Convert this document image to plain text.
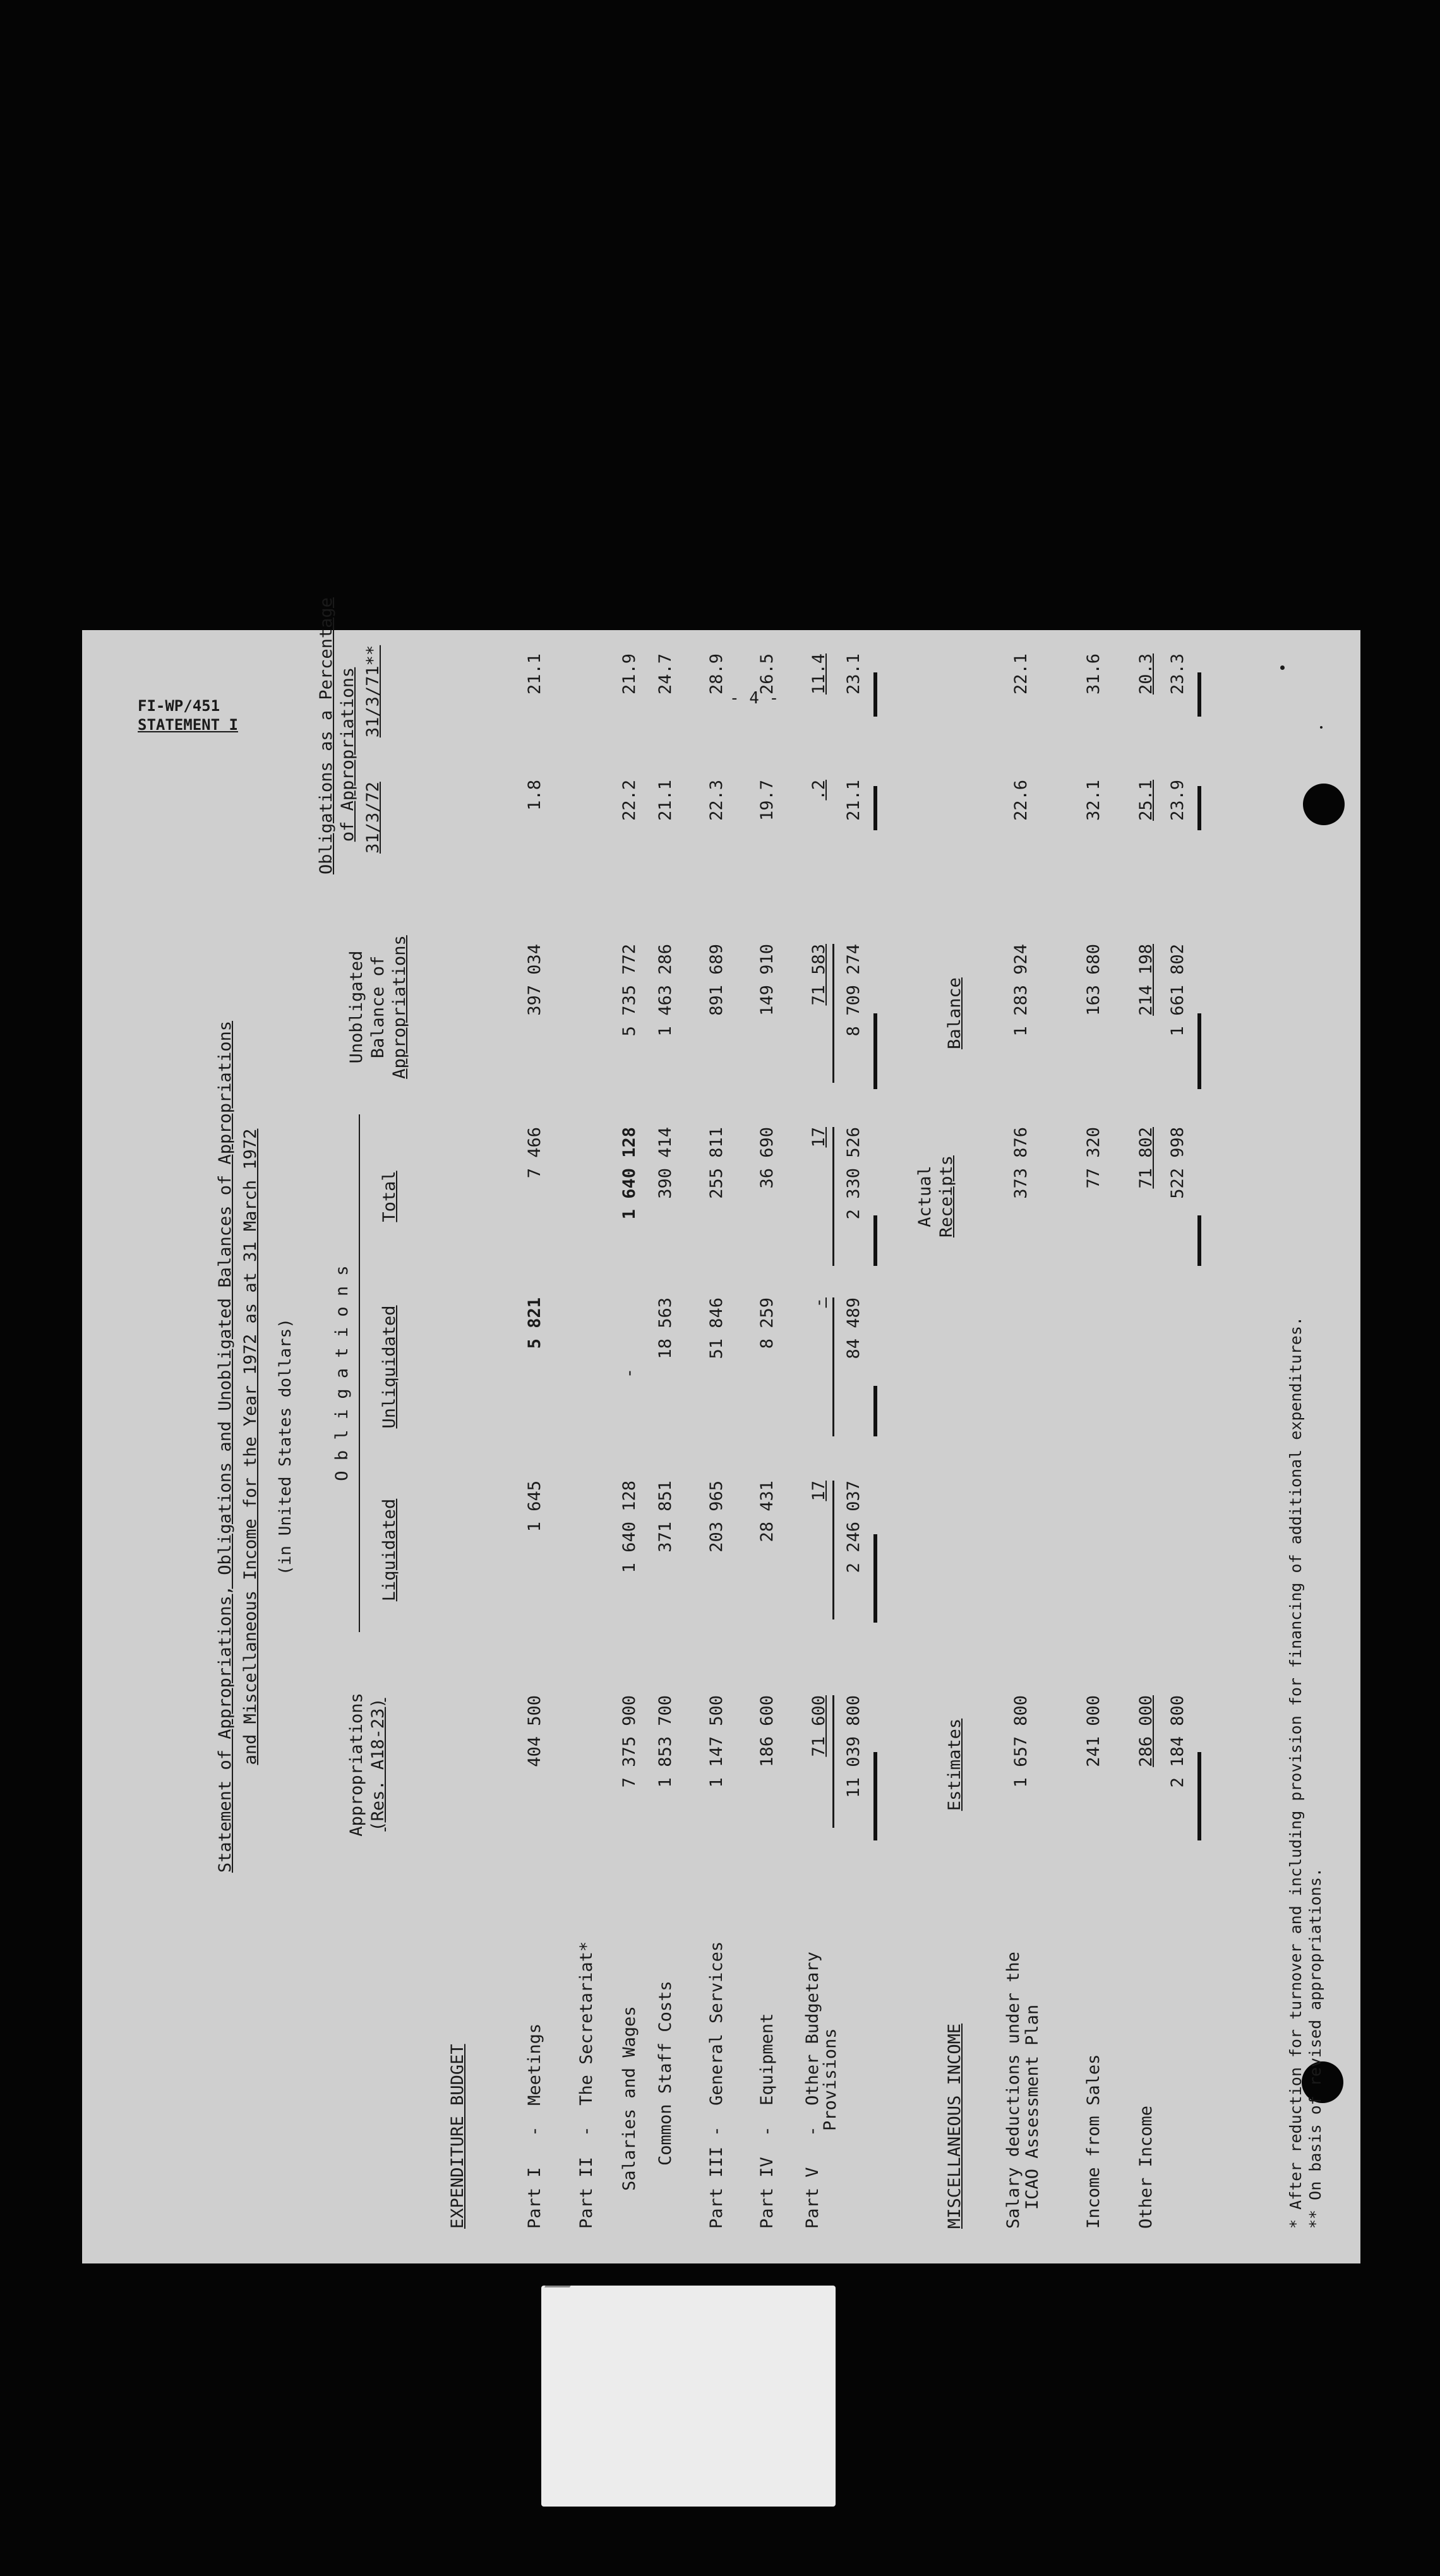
FI-WP/451
STATEMENT I
- 4 -
Statement of Appropriations, Obligations and Unobligated Balances of Appropriations and Miscellaneous Income for the Year 1972 as at 31 March 1972 (in United States dollars)
Appropriations (Res. A18-23)
O b l i g a t i o n s
Liquidated
Unliquidated
Total
Unobligated Balance of Appropriations
Obligations as a Percentage of Appropriations 31/3/72
31/3/71**
EXPENDITURE BUDGET	Part I   -  Meetings
404 500
1 645
5 821
7 466
397 034
1.8
21.1
Part II  -  The Secretariat* Salaries and Wages
7 375 900
1 640 128
-
1 640 128
5 735 772
22.2
21.9
Common Staff Costs
1 853 700
371 851
18 563
390 414
1 463 286
21.1
24.7
Part III -  General Services
1 147 500
203 965
51 846
255 811
891 689
22.3
28.9
Part IV  -  Equipment
186 600
28 431
8 259
36 690
149 910
19.7
26.5
Part V   -  Other Budgetary
Provisions
71 600
17
-
17
71 583
.2
11.4
11 039 800
2 246 037
84 489
2 330 526
8 709 274
21.1
23.1
MISCELLANEOUS INCOME
Estimates
Actual Receipts
Balance
Salary deductions under the ICAO Assessment Plan
1 657 800
373 876
1 283 924
22.6
22.1
Income from Sales
241 000
77 320
163 680
32.1
31.6
Other Income
286 000
71 802
214 198
25.1
20.3
2 184 800
522 998
1 661 802
23.9
23.3
* After reduction for turnover and including provision for financing of additional expenditures. ** On basis of revised appropriations.
